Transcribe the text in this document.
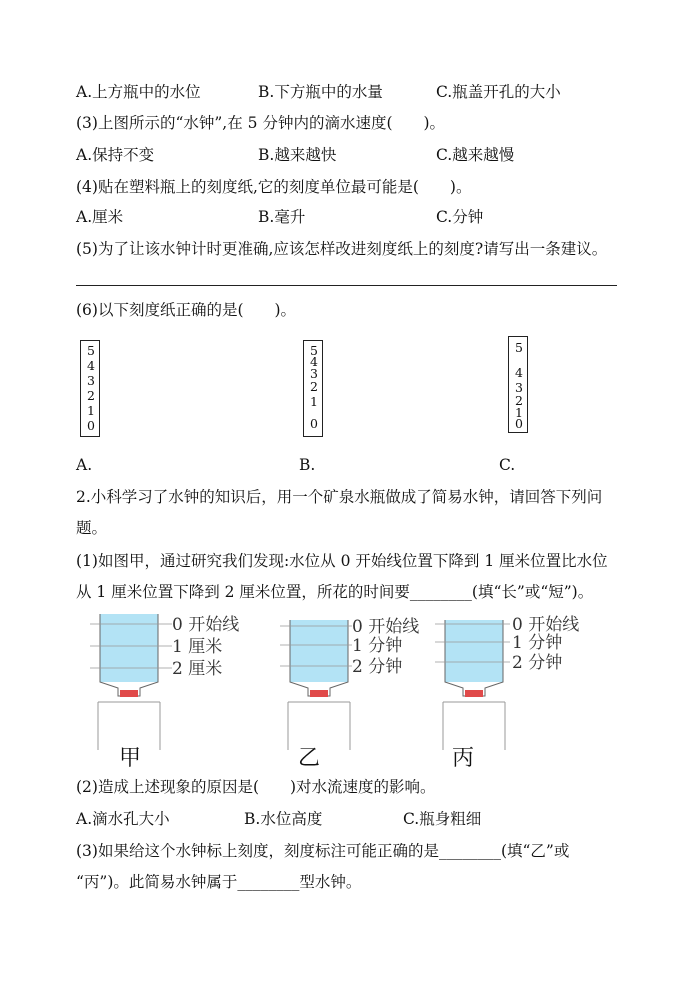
A.上方瓶中的水位	B.下方瓶中的水量	C.瓶盖开孔的大小
(3)上图所示的“水钟”,在 5 分钟内的滴水速度(　　)。
A.保持不变	B.越来越快	C.越来越慢
(4)贴在塑料瓶上的刻度纸,它的刻度单位最可能是(　　)。
A.厘米	B.毫升	C.分钟
(5)为了让该水钟计时更准确,应该怎样改进刻度纸上的刻度?请写出一条建议。
(6)以下刻度纸正确的是(　　)。
5
4
3
2
1
0
5
4
3
2
1
0
5
4
3
2
1
0
A.	B.	C.
2.小科学习了水钟的知识后，用一个矿泉水瓶做成了简易水钟，请回答下列问
题。
(1)如图甲，通过研究我们发现:水位从 0 开始线位置下降到 1 厘米位置比水位
从 1 厘米位置下降到 2 厘米位置，所花的时间要________(填“长”或“短”)。
0 开始线
1 厘米
2 厘米
甲
0 开始线
1 分钟
2 分钟
乙
0 开始线
1 分钟
2 分钟
丙
(2)造成上述现象的原因是(　　)对水流速度的影响。
A.滴水孔大小	B.水位高度	C.瓶身粗细
(3)如果给这个水钟标上刻度，刻度标注可能正确的是________(填“乙”或
“丙”)。此简易水钟属于________型水钟。
